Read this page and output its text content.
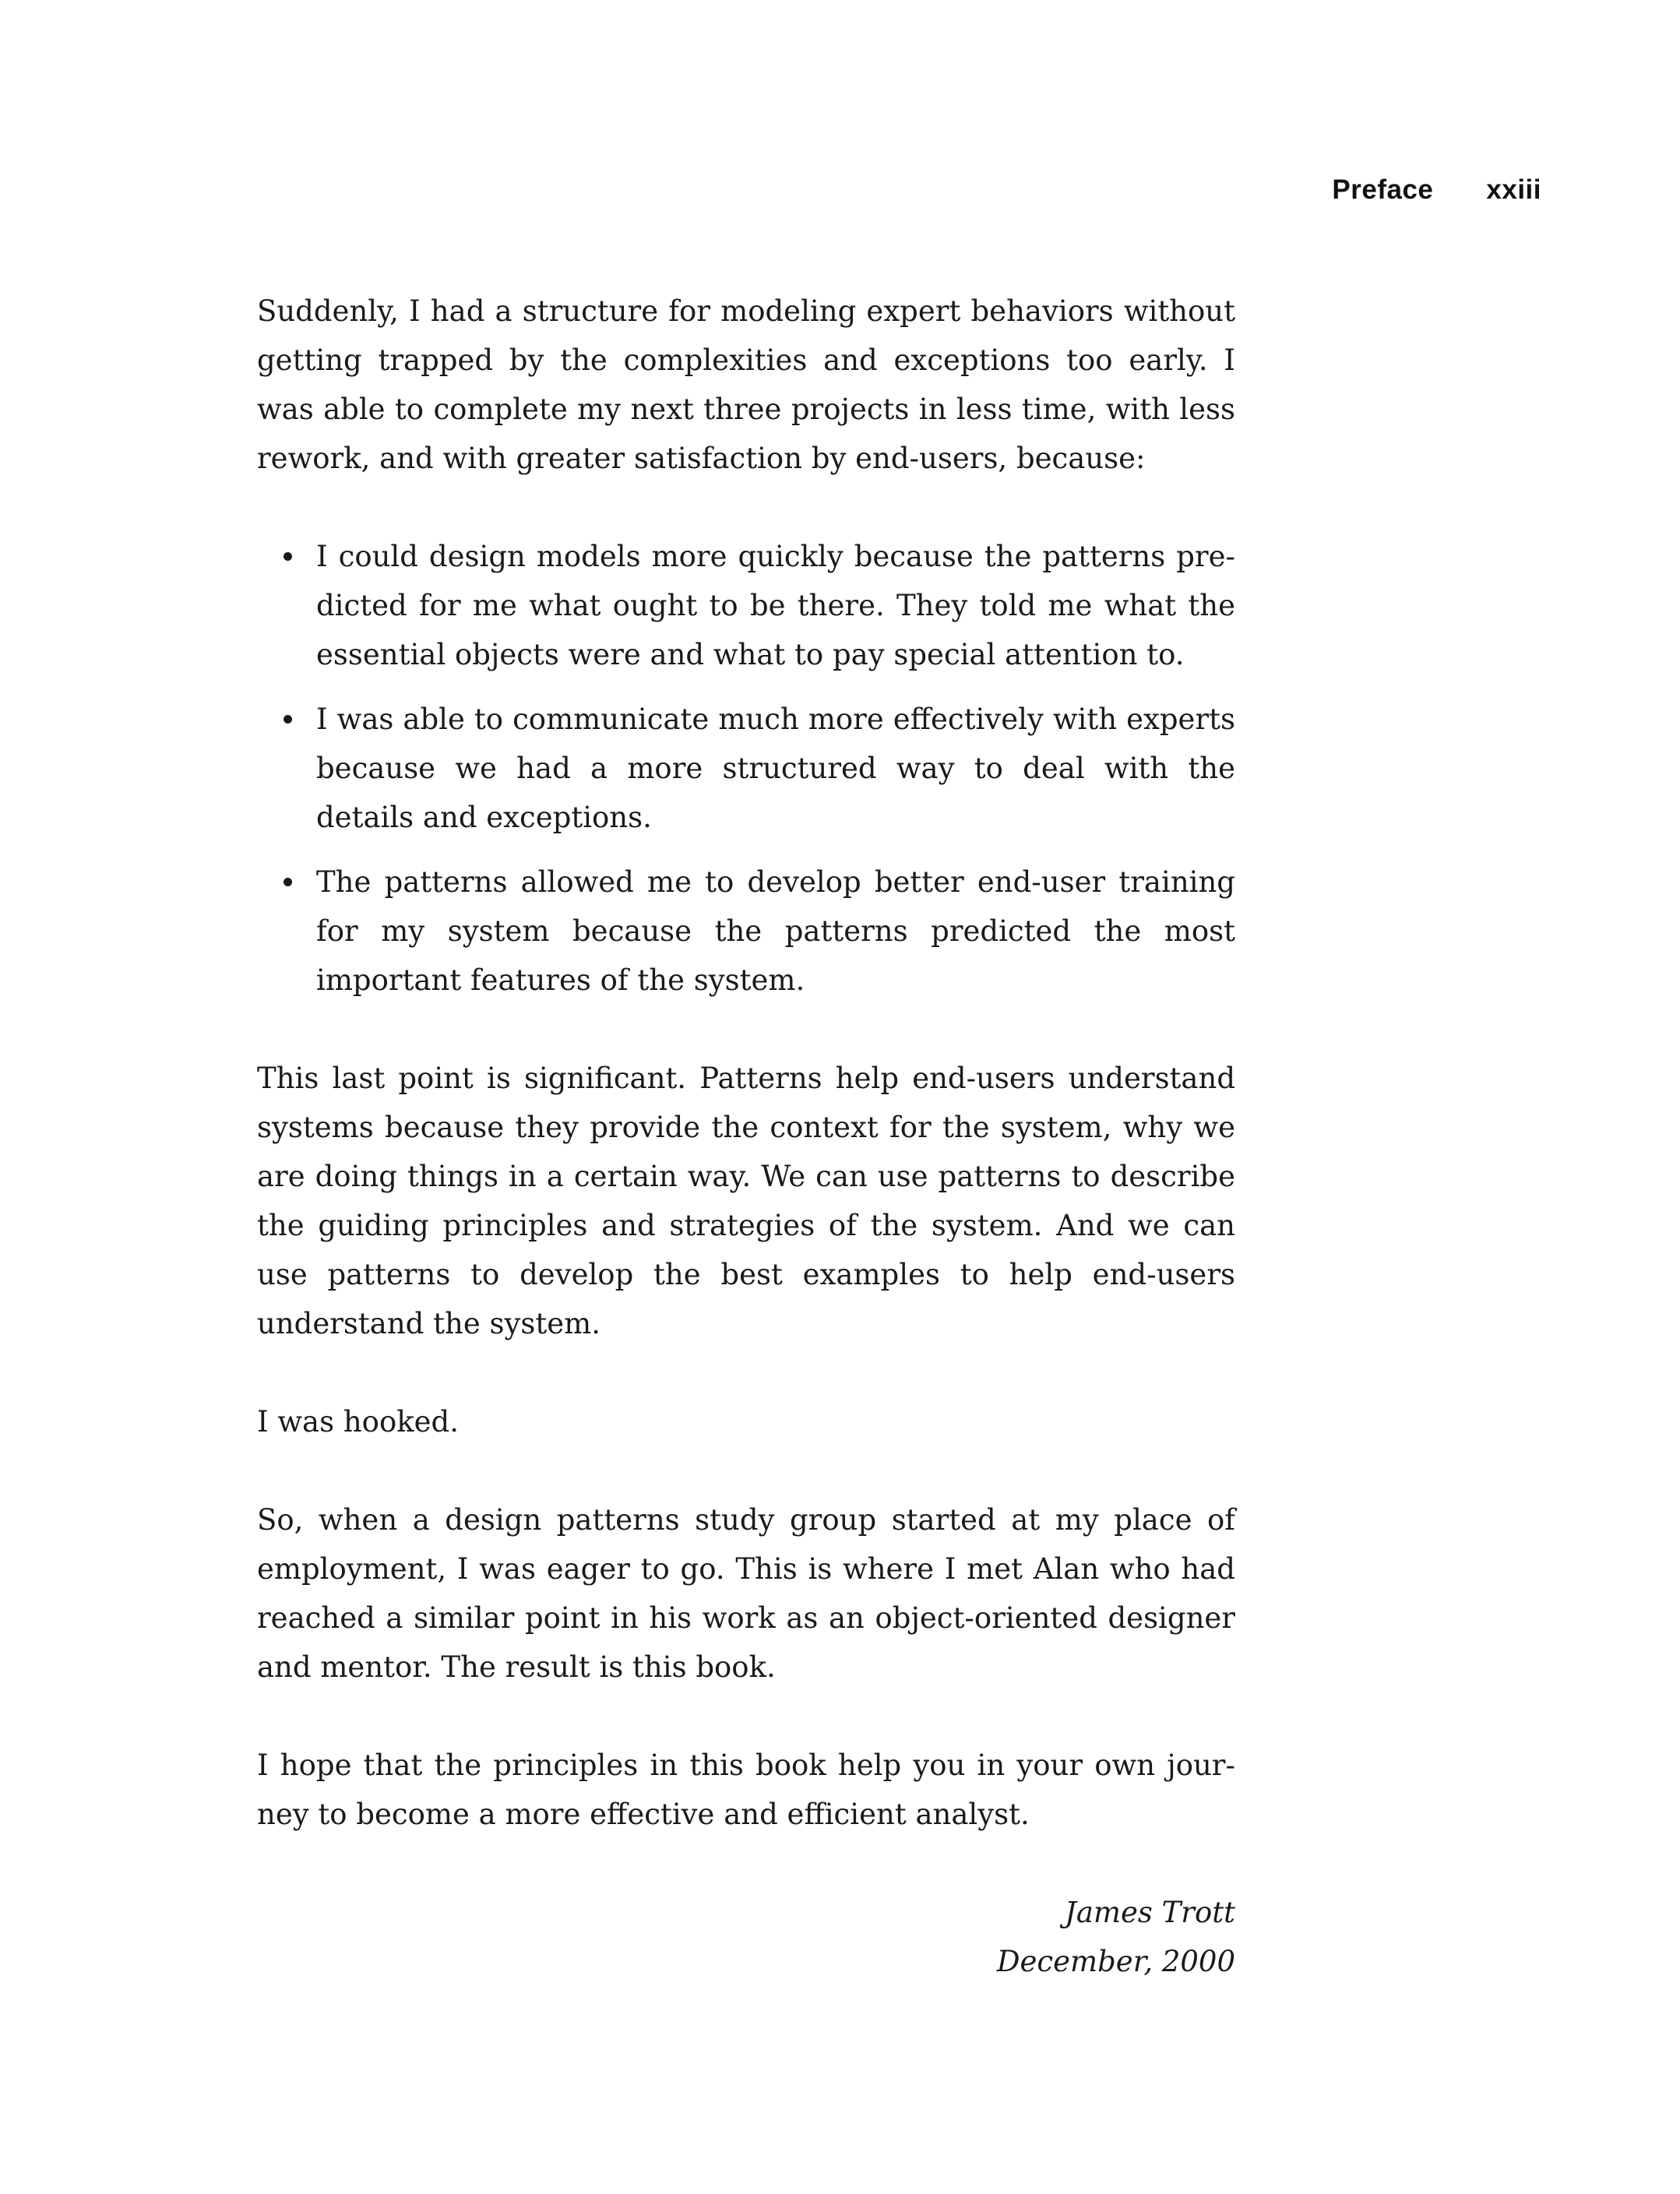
Preface xxiii

Suddenly, I had a structure for modeling expert behaviors without getting trapped by the complexities and exceptions too early. I was able to complete my next three projects in less time, with less rework, and with greater satisfaction by end-users, because:

I could design models more quickly because the patterns predicted for me what ought to be there. They told me what the essential objects were and what to pay special attention to.
I was able to communicate much more effectively with experts because we had a more structured way to deal with the details and exceptions.
The patterns allowed me to develop better end-user training for my system because the patterns predicted the most important features of the system.

This last point is significant. Patterns help end-users understand systems because they provide the context for the system, why we are doing things in a certain way. We can use patterns to describe the guiding principles and strategies of the system. And we can use patterns to develop the best examples to help end-users understand the system.

I was hooked.

So, when a design patterns study group started at my place of employment, I was eager to go. This is where I met Alan who had reached a similar point in his work as an object-oriented designer and mentor. The result is this book.

I hope that the principles in this book help you in your own journey to become a more effective and efficient analyst.

James Trott
December, 2000
